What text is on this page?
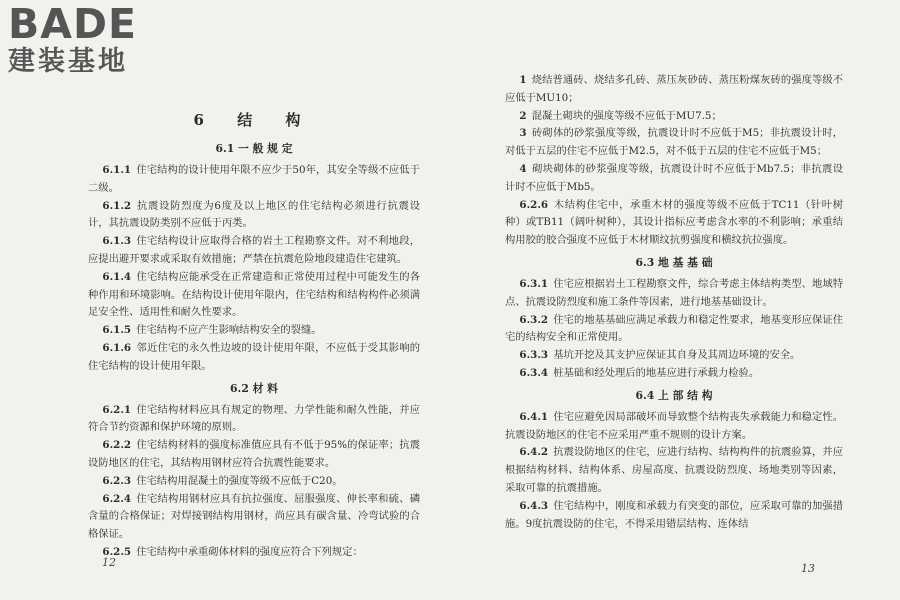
BADE
建装基地
6 结 构
6.1 一 般 规 定

6.1.1 住宅结构的设计使用年限不应少于50年，其安全等级不应低于二级。

6.1.2 抗震设防烈度为6度及以上地区的住宅结构必须进行抗震设计，其抗震设防类别不应低于丙类。

6.1.3 住宅结构设计应取得合格的岩土工程勘察文件。对不利地段，应提出避开要求或采取有效措施；严禁在抗震危险地段建造住宅建筑。

6.1.4 住宅结构应能承受在正常建造和正常使用过程中可能发生的各种作用和环境影响。在结构设计使用年限内，住宅结构和结构构件必须满足安全性、适用性和耐久性要求。

6.1.5 住宅结构不应产生影响结构安全的裂缝。

6.1.6 邻近住宅的永久性边坡的设计使用年限，不应低于受其影响的住宅结构的设计使用年限。

6.2 材 料

6.2.1 住宅结构材料应具有规定的物理、力学性能和耐久性能，并应符合节约资源和保护环境的原则。

6.2.2 住宅结构材料的强度标准值应具有不低于95%的保证率；抗震设防地区的住宅，其结构用钢材应符合抗震性能要求。

6.2.3 住宅结构用混凝土的强度等级不应低于C20。

6.2.4 住宅结构用钢材应具有抗拉强度、屈服强度、伸长率和硫、磷含量的合格保证；对焊接钢结构用钢材，尚应具有碳含量、冷弯试验的合格保证。

6.2.5 住宅结构中承重砌体材料的强度应符合下列规定：

12

1 烧结普通砖、烧结多孔砖、蒸压灰砂砖、蒸压粉煤灰砖的强度等级不应低于MU10；

2 混凝土砌块的强度等级不应低于MU7.5；

3 砖砌体的砂浆强度等级，抗震设计时不应低于M5；非抗震设计时，对低于五层的住宅不应低于M2.5，对不低于五层的住宅不应低于M5；

4 砌块砌体的砂浆强度等级，抗震设计时不应低于Mb7.5；非抗震设计时不应低于Mb5。

6.2.6 木结构住宅中，承重木材的强度等级不应低于TC11（针叶树种）或TB11（阔叶树种），其设计指标应考虑含水率的不利影响；承重结构用胶的胶合强度不应低于木材顺纹抗剪强度和横纹抗拉强度。

6.3 地 基 基 础

6.3.1 住宅应根据岩土工程勘察文件，综合考虑主体结构类型、地域特点、抗震设防烈度和施工条件等因素，进行地基基础设计。

6.3.2 住宅的地基基础应满足承载力和稳定性要求，地基变形应保证住宅的结构安全和正常使用。

6.3.3 基坑开挖及其支护应保证其自身及其周边环境的安全。

6.3.4 桩基础和经处理后的地基应进行承载力检验。

6.4 上 部 结 构

6.4.1 住宅应避免因局部破坏而导致整个结构丧失承载能力和稳定性。抗震设防地区的住宅不应采用严重不规则的设计方案。

6.4.2 抗震设防地区的住宅，应进行结构、结构构件的抗震验算，并应根据结构材料、结构体系、房屋高度、抗震设防烈度、场地类别等因素，采取可靠的抗震措施。

6.4.3 住宅结构中，刚度和承载力有突变的部位，应采取可靠的加强措施。9度抗震设防的住宅，不得采用错层结构、连体结

13
